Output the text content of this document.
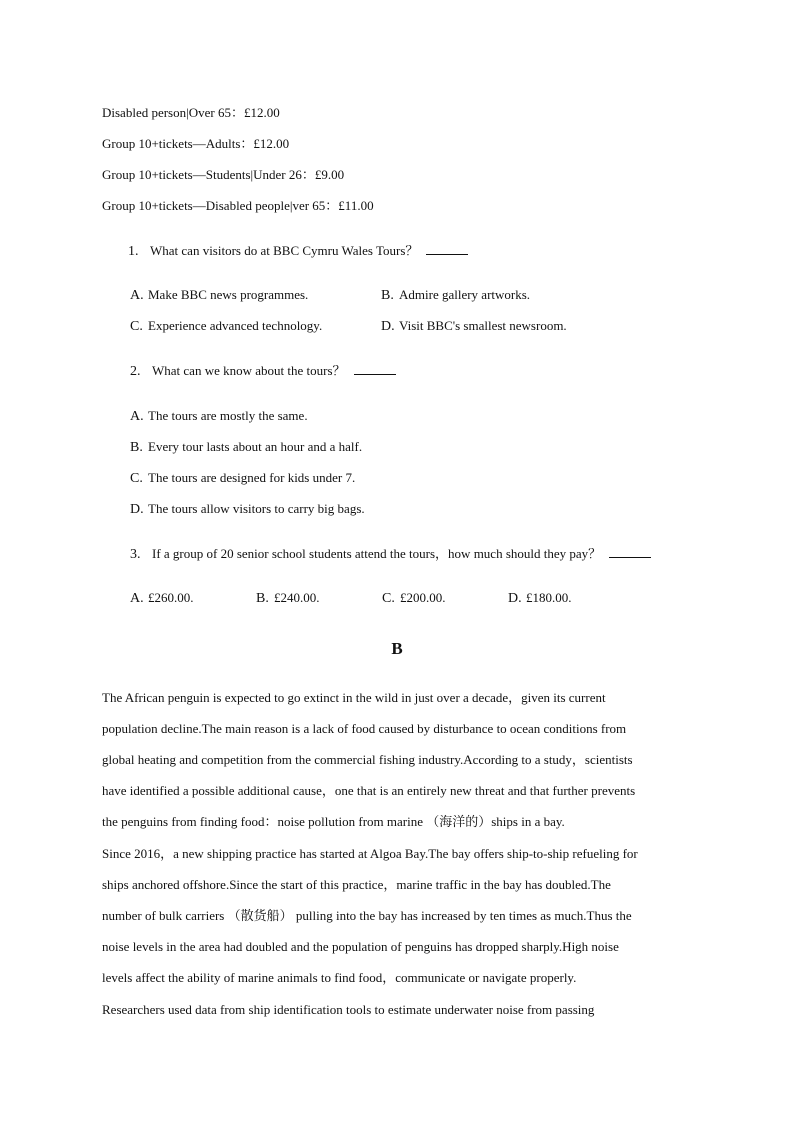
Disabled person|Over 65：£12.00
Group 10+tickets—Adults：£12.00
Group 10+tickets—Students|Under 26：£9.00
Group 10+tickets—Disabled people|ver 65：£11.00
1. What can visitors do at BBC Cymru Wales Tours？
A. Make BBC news programmes.	B. Admire gallery artworks.
C. Experience advanced technology.	D. Visit BBC's smallest newsroom.
2. What can we know about the tours？
A. The tours are mostly the same.
B. Every tour lasts about an hour and a half.
C. The tours are designed for kids under 7.
D. The tours allow visitors to carry big bags.
3. If a group of 20 senior school students attend the tours，how much should they pay？
A. £260.00.	B. £240.00.	C. £200.00.	D. £180.00.
B
The African penguin is expected to go extinct in the wild in just over a decade，given its current
population decline.The main reason is a lack of food caused by disturbance to ocean conditions from
global heating and competition from the commercial fishing industry.According to a study，scientists
have identified a possible additional cause，one that is an entirely new threat and that further prevents
the penguins from finding food：noise pollution from marine （海洋的）ships in a bay.
Since 2016，a new shipping practice has started at Algoa Bay.The bay offers ship-to-ship refueling for
ships anchored offshore.Since the start of this practice，marine traffic in the bay has doubled.The
number of bulk carriers （散货船） pulling into the bay has increased by ten times as much.Thus the
noise levels in the area had doubled and the population of penguins has dropped sharply.High noise
levels affect the ability of marine animals to find food，communicate or navigate properly.
Researchers used data from ship identification tools to estimate underwater noise from passing
